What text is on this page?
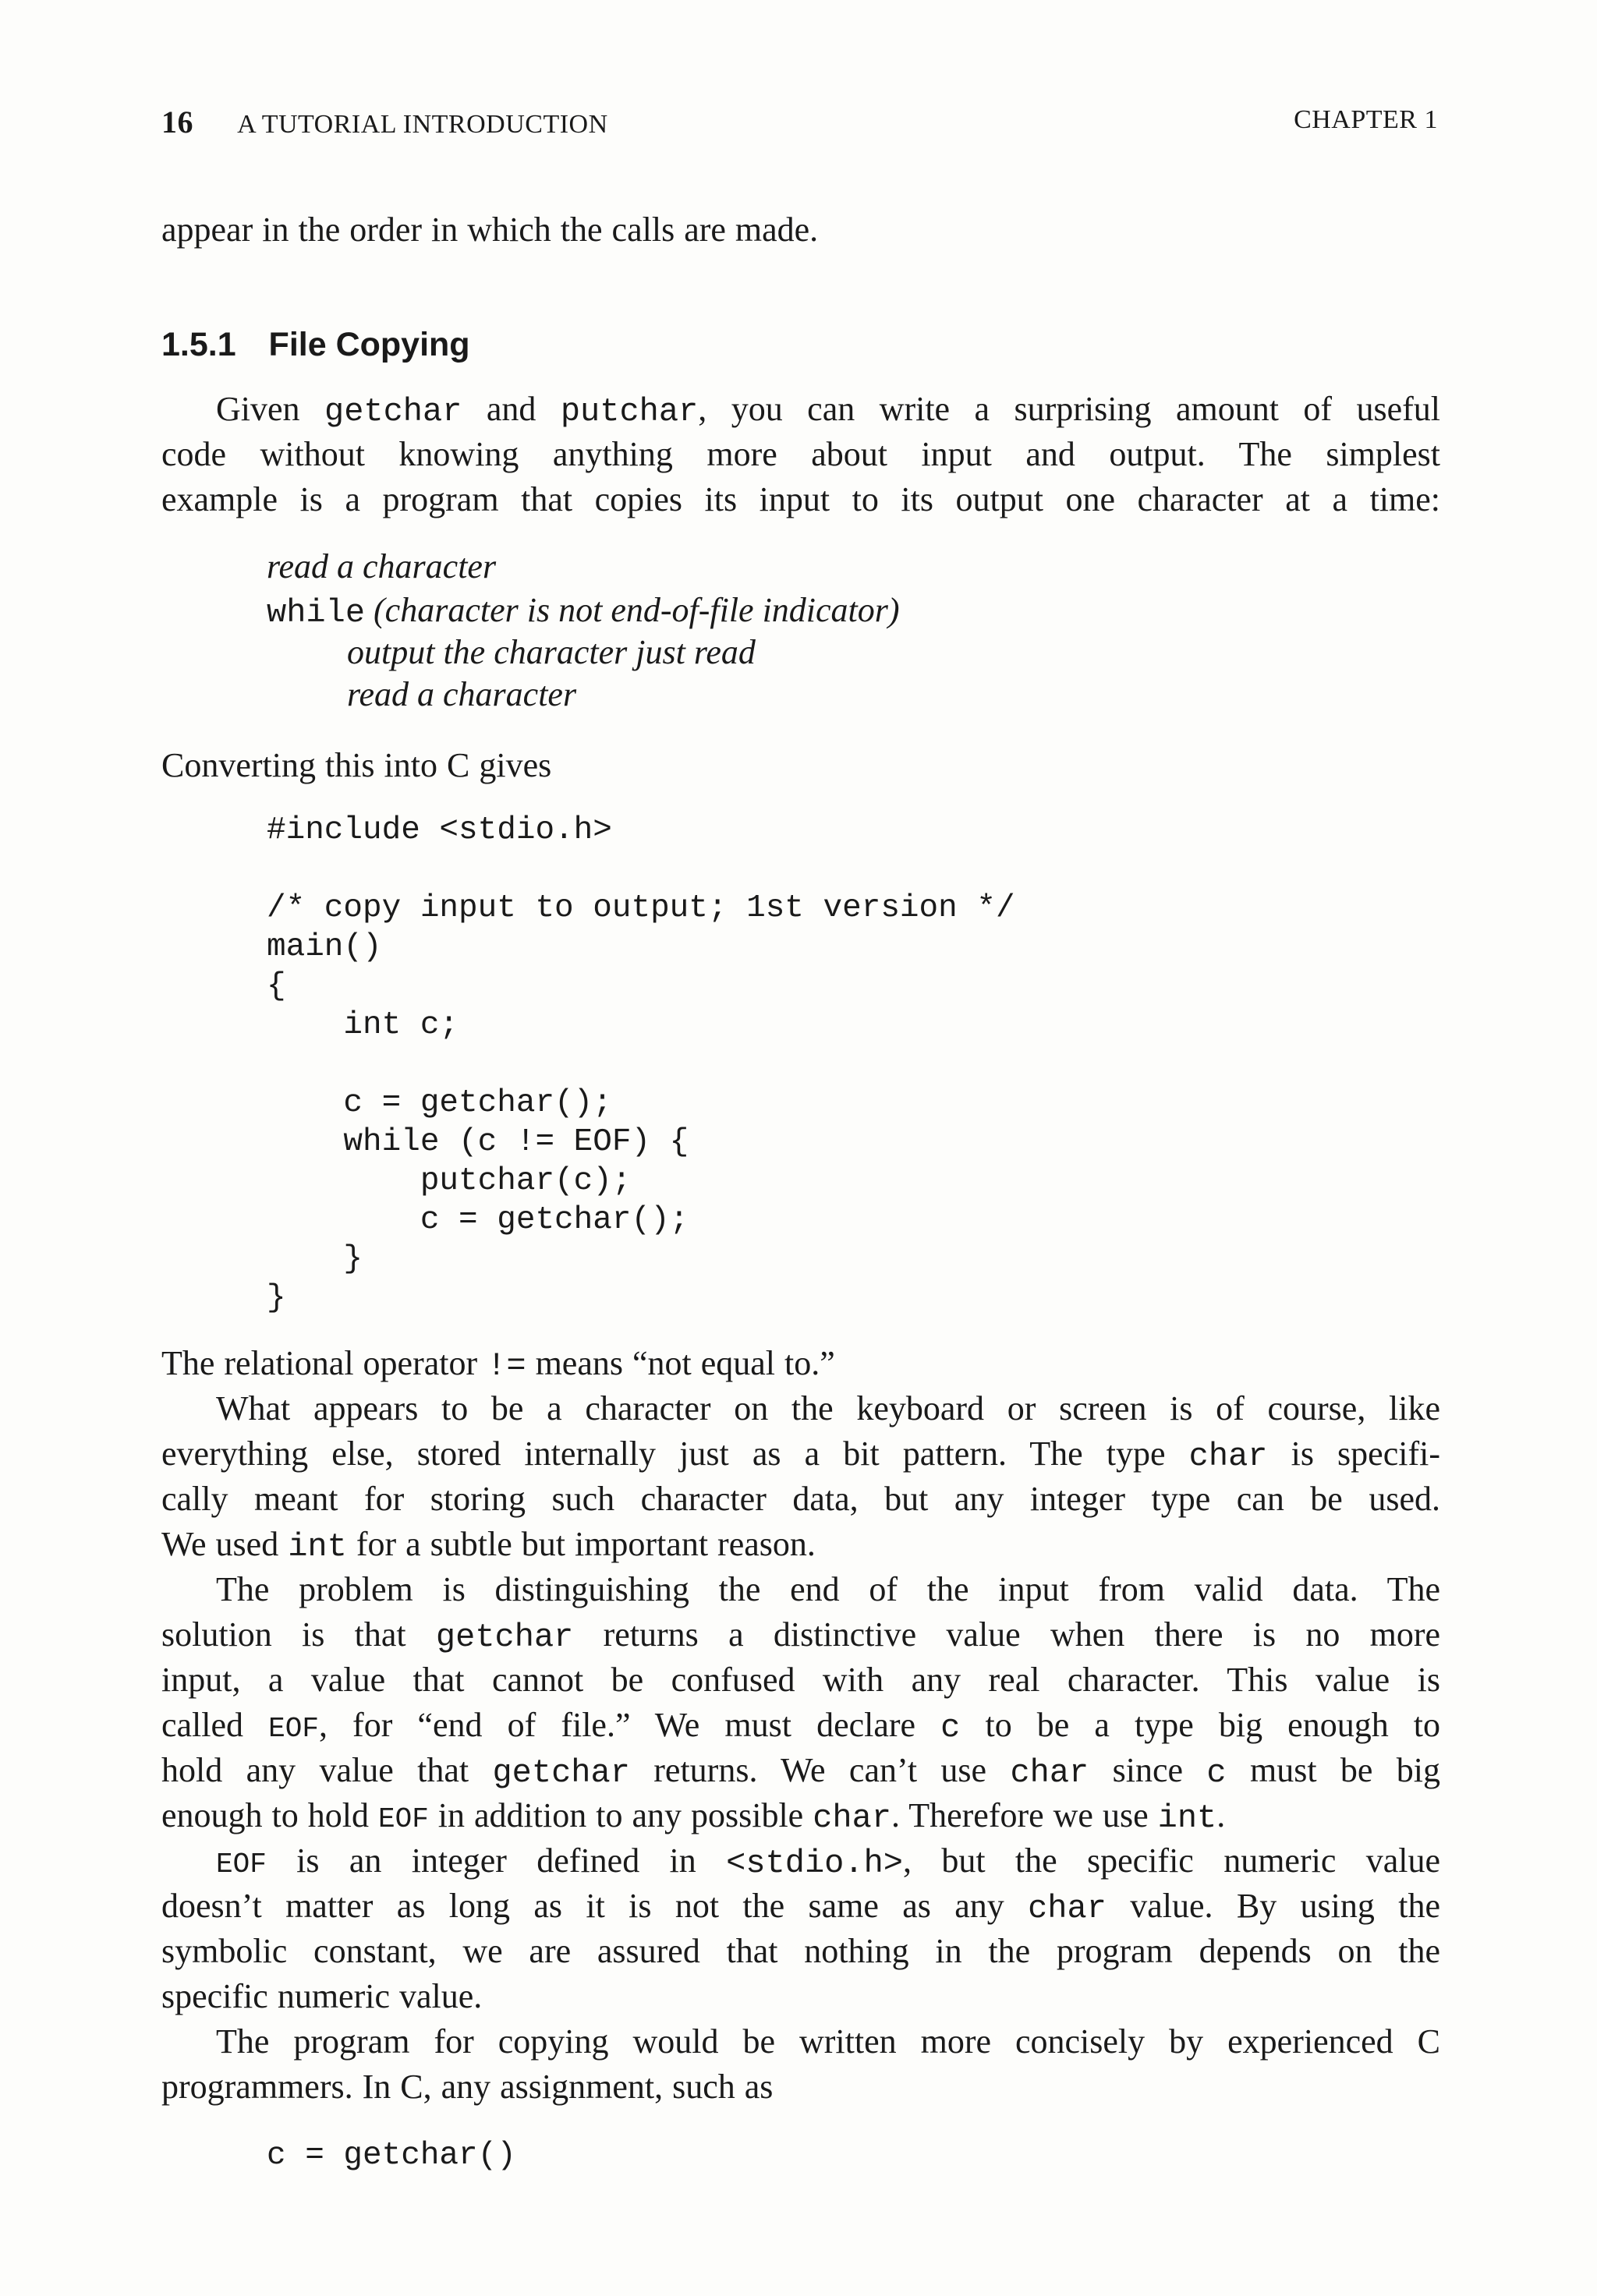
16 A TUTORIAL INTRODUCTION	CHAPTER 1
appear in the order in which the calls are made.
1.5.1 File Copying
Given getchar and putchar, you can write a surprising amount of useful
code without knowing anything more about input and output. The simplest
example is a program that copies its input to its output one character at a time:
read a character
while (character is not end-of-file indicator)
output the character just read
read a character
Converting this into C gives
#include <stdio.h>

/* copy input to output; 1st version */
main()
{
int c;

c = getchar();
while (c != EOF) {
putchar(c);
c = getchar();
}
}
The relational operator != means “not equal to.”
What appears to be a character on the keyboard or screen is of course, like
everything else, stored internally just as a bit pattern. The type char is specifi-
cally meant for storing such character data, but any integer type can be used.
We used int for a subtle but important reason.
The problem is distinguishing the end of the input from valid data. The
solution is that getchar returns a distinctive value when there is no more
input, a value that cannot be confused with any real character. This value is
called EOF, for “end of file.” We must declare c to be a type big enough to
hold any value that getchar returns. We can’t use char since c must be big
enough to hold EOF in addition to any possible char. Therefore we use int.
EOF is an integer defined in <stdio.h>, but the specific numeric value
doesn’t matter as long as it is not the same as any char value. By using the
symbolic constant, we are assured that nothing in the program depends on the
specific numeric value.
The program for copying would be written more concisely by experienced C
programmers. In C, any assignment, such as
c = getchar()
